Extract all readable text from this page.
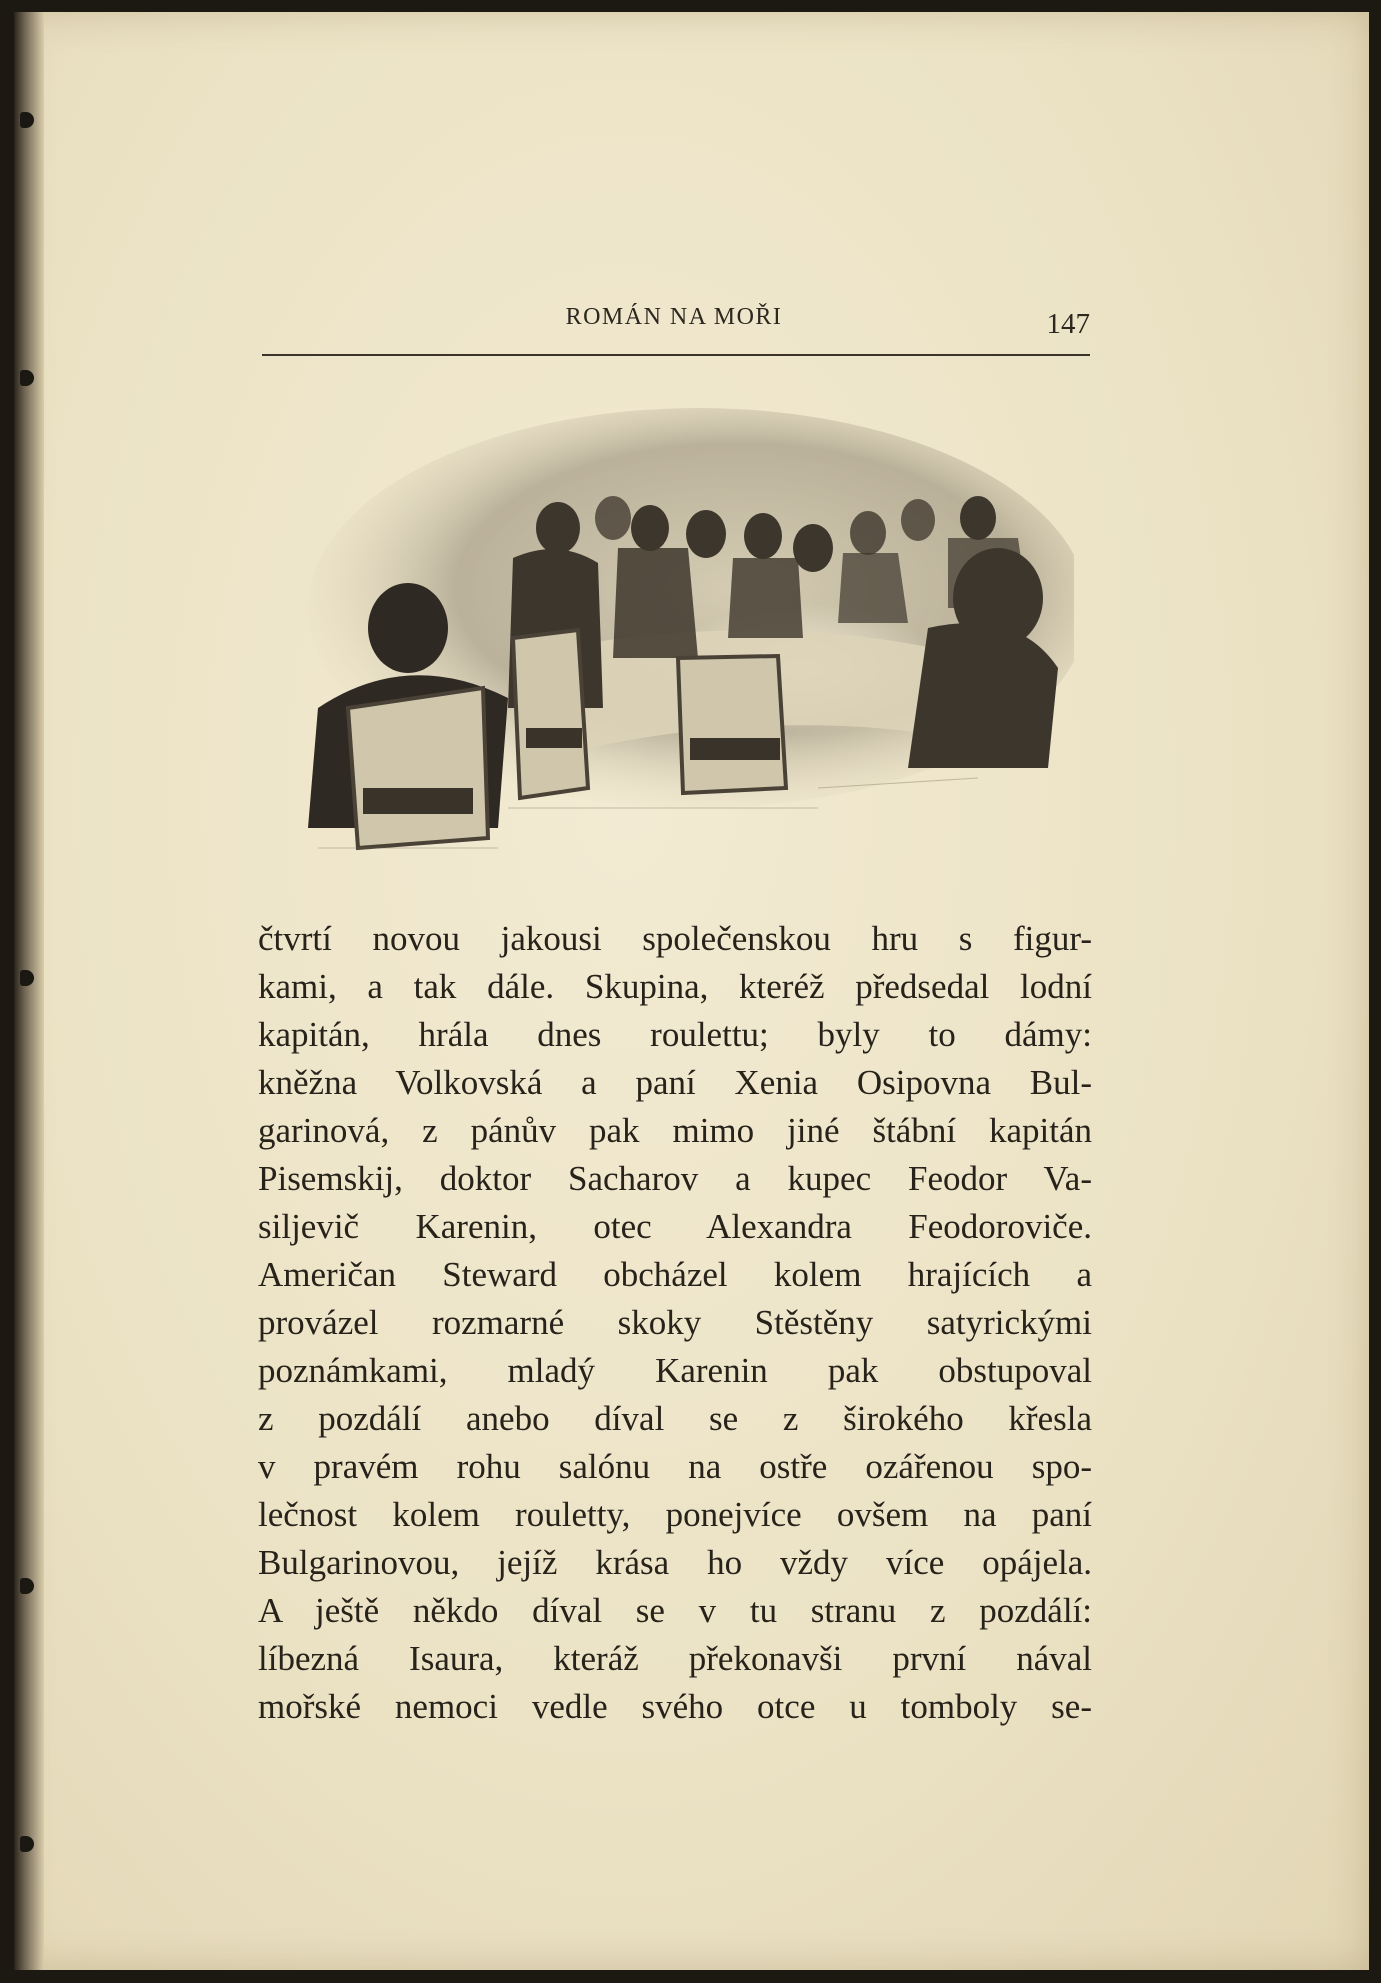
ROMÁN NA MOŘI	147
čtvrtí novou jakousi společenskou hru s figur-
kami, a tak dále. Skupina, kteréž předsedal lodní
kapitán, hrála dnes roulettu; byly to dámy:
kněžna Volkovská a paní Xenia Osipovna Bul-
garinová, z pánův pak mimo jiné štábní kapitán
Pisemskij, doktor Sacharov a kupec Feodor Va-
siljevič Karenin, otec Alexandra Feodoroviče.
Američan Steward obcházel kolem hrajících a
provázel rozmarné skoky Stěstěny satyrickými
poznámkami, mladý Karenin pak obstupoval
z pozdálí anebo díval se z širokého křesla
v pravém rohu salónu na ostře ozářenou spo-
lečnost kolem rouletty, ponejvíce ovšem na paní
Bulgarinovou, jejíž krása ho vždy více opájela.
A ještě někdo díval se v tu stranu z pozdálí:
líbezná Isaura, kteráž překonavši první nával
mořské nemoci vedle svého otce u tomboly se-
